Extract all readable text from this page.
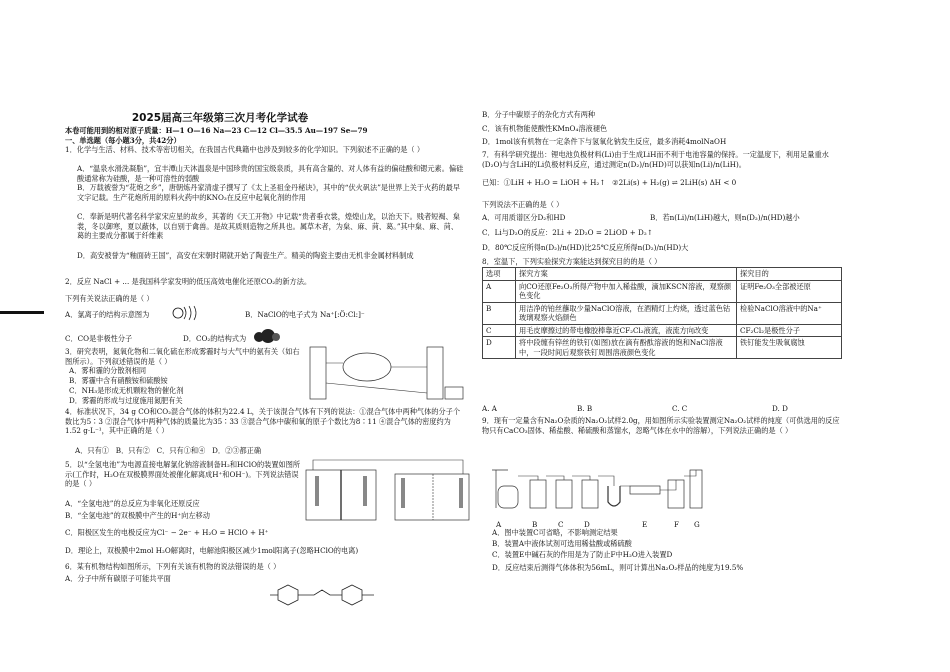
2025届高三年级第三次月考化学试卷
本卷可能用到的相对原子质量：H—1 O—16 Na—23 C—12 Cl—35.5 Au—197 Se—79
一、单选题（每小题3分，共42分）
1．化学与生活、材料、技术等密切相关，在我国古代典籍中也涉及到较多的化学知识。下列叙述不正确的是（ ）
A．“温泉水滑洗凝脂”，宜丰潭山天沐温泉是中国珍贵的国宝级泉质，具有高含量的、对人体有益的偏硅酸和锶元素。偏硅酸通常称为硅酸，是一种可溶性的弱酸
B．万载被誉为“花炮之乡”，唐朝炼丹家清虚子撰写了《太上圣祖金丹秘诀》，其中的“伏火矾法”是世界上关于火药的最早文字记载。生产花炮所用的原料火药中的KNO₃在反应中起氧化剂的作用
C．奉新是明代著名科学家宋应星的故乡，其著的《天工开物》中记载“贵者垂衣裳，煌煌山龙，以治天下。贱者短褐、枲裳，冬以御寒，夏以蔽体，以自别于禽兽。是故其质则造物之所具也。属草木者，为枲、麻、苘、葛。”其中枲、麻、苘、葛的主要成分都属于纤维素
D．高安被誉为“釉面砖王国”，高安在宋朝时期就开始了陶瓷生产。精美的陶瓷主要由无机非金属材料制成
2．反应 NaCl + ... 是我国科学家发明的低压高效电催化还原CO₂的新方法。
下列有关说法正确的是（ ）
A．氯离子的结构示意图为	B．NaClO的电子式为 Na⁺[:Ö:Cl:]⁻
C．CO是非极性分子	D．CO₂的结构式为
3．研究表明，氮氧化物和二氧化硫在形成雾霾时与大气中的氨有关（如右图所示）。下列叙述错误的是（ ）
A．雾和霾的分散剂相同
B．雾霾中含有硝酸铵和硫酸铵
C．NH₃是形成无机颗粒物的催化剂
D．雾霾的形成与过度施用氮肥有关
4．标准状况下，34 g CO和CO₂混合气体的体积为22.4 L，关于该混合气体有下列的说法：①混合气体中两种气体的分子个数比为5∶3 ②混合气体中两种气体的质量比为35∶33 ③混合气体中碳和氧的原子个数比为8∶11 ④混合气体的密度约为1.52 g·L⁻¹，其中正确的是（ ）
A．只有①   B．只有②   C．只有①和④   D．②③都正确
5．以“全氢电池”为电源直接电解氯化钠溶液制备H₂和HClO的装置如图所示(工作时，H₂O在双极膜界面处被催化解离成H⁺和OH⁻)。下列说法错误的是（ ）
A．“全氢电池”的总反应为非氧化还原反应
B．“全氢电池”的双极膜中产生的H⁺向左移动
C．阳极区发生的电极反应为Cl⁻ − 2e⁻ + H₂O = HClO + H⁺
D．理论上，双极膜中2mol H₂O解离时，电解池阳极区减少1mol阳离子(忽略HClO的电离)
6．某有机物结构如图所示，下列有关该有机物的说法错误的是（ ）
A．分子中所有碳原子可能共平面
B．分子中碳原子的杂化方式有两种
C．该有机物能使酸性KMnO₄溶液褪色
D．1mol该有机物在一定条件下与氢氧化钠发生反应，最多消耗4molNaOH
7．有科学研究提出：锂电池负极材料(Li)由于生成LiH而不利于电池容量的保持。一定温度下，利用足量重水(D₂O)与含LiH的Li负极材料反应，通过测定n(D₂)/n(HD)可以获知n(Li)/n(LiH)。
已知：①LiH + H₂O = LiOH + H₂↑   ②2Li(s) + H₂(g) ⇌ 2LiH(s) ΔH < 0
下列说法不正确的是（ ）
A．可用质谱区分D₂和HD	B．若n(Li)/n(LiH)越大，则n(D₂)/n(HD)越小
C．Li与D₂O的反应：2Li + 2D₂O = 2LiOD + D₂↑
D．80℃反应所得n(D₂)/n(HD)比25℃反应所得n(D₂)/n(HD)大
8．室温下，下列实验探究方案能达到探究目的的是（ ）
选项	探究方案	探究目的
A	向CO还原Fe₂O₃所得产物中加入稀盐酸，滴加KSCN溶液，观察颜色变化	证明Fe₂O₃全部被还原
B	用洁净的铂丝蘸取少量NaClO溶液，在酒精灯上灼烧，透过蓝色钴玻璃观察火焰颜色	检验NaClO溶液中的Na⁺
C	用毛皮摩擦过的带电橡胶棒靠近CF₂Cl₂液流，液流方向改变	CF₂Cl₂是极性分子
D	将中段缠有锌丝的铁钉(如图)放在滴有酚酞溶液的饱和NaCl溶液中，一段时间后观察铁钉周围溶液颜色变化	铁钉能发生吸氧腐蚀
A. A	B. B	C. C	D. D
9．现有一定量含有Na₂O杂质的Na₂O₂试样2.0g，用如图所示实验装置测定Na₂O₂试样的纯度（可供选用的反应物只有CaCO₃固体、稀盐酸、稀硫酸和蒸馏水，忽略气体在水中的溶解），下列说法正确的是（ ）
A	B	C	D	E	F G
A．图中装置C可省略，不影响测定结果
B．装置A中液体试剂可选用稀盐酸或稀硫酸
C．装置E中碱石灰的作用是为了防止F中H₂O进入装置D
D．反应结束后测得气体体积为56mL，则可计算出Na₂O₂样品的纯度为19.5%
